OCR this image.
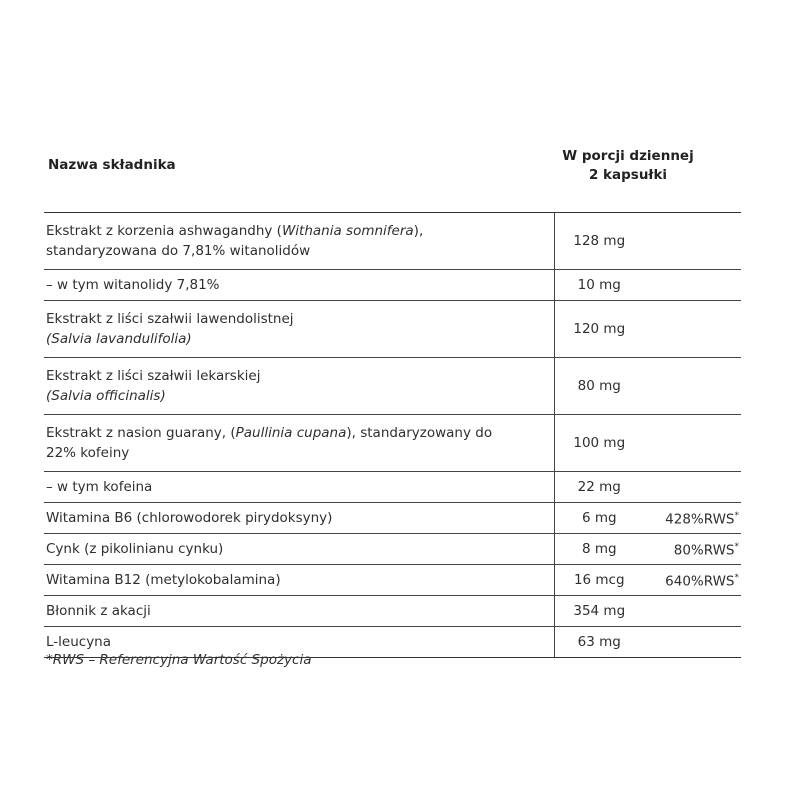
Nazwa składnika
W porcji dziennej
2 kapsułki
Ekstrakt z korzenia ashwagandhy (Withania somnifera),
standaryzowana do 7,81% witanolidów	128 mg	
– w tym witanolidy 7,81%	10 mg	
Ekstrakt z liści szałwii lawendolistnej
(Salvia lavandulifolia)	120 mg	
Ekstrakt z liści szałwii lekarskiej
(Salvia officinalis)	80 mg	
Ekstrakt z nasion guarany, (Paullinia cupana), standaryzowany do
22% kofeiny	100 mg	
– w tym kofeina	22 mg	
Witamina B6 (chlorowodorek pirydoksyny)	6 mg	428%RWS*
Cynk (z pikolinianu cynku)	8 mg	80%RWS*
Witamina B12 (metylokobalamina)	16 mcg	640%RWS*
Błonnik z akacji	354 mg	
L-leucyna	63 mg	
*RWS – Referencyjna Wartość Spożycia
